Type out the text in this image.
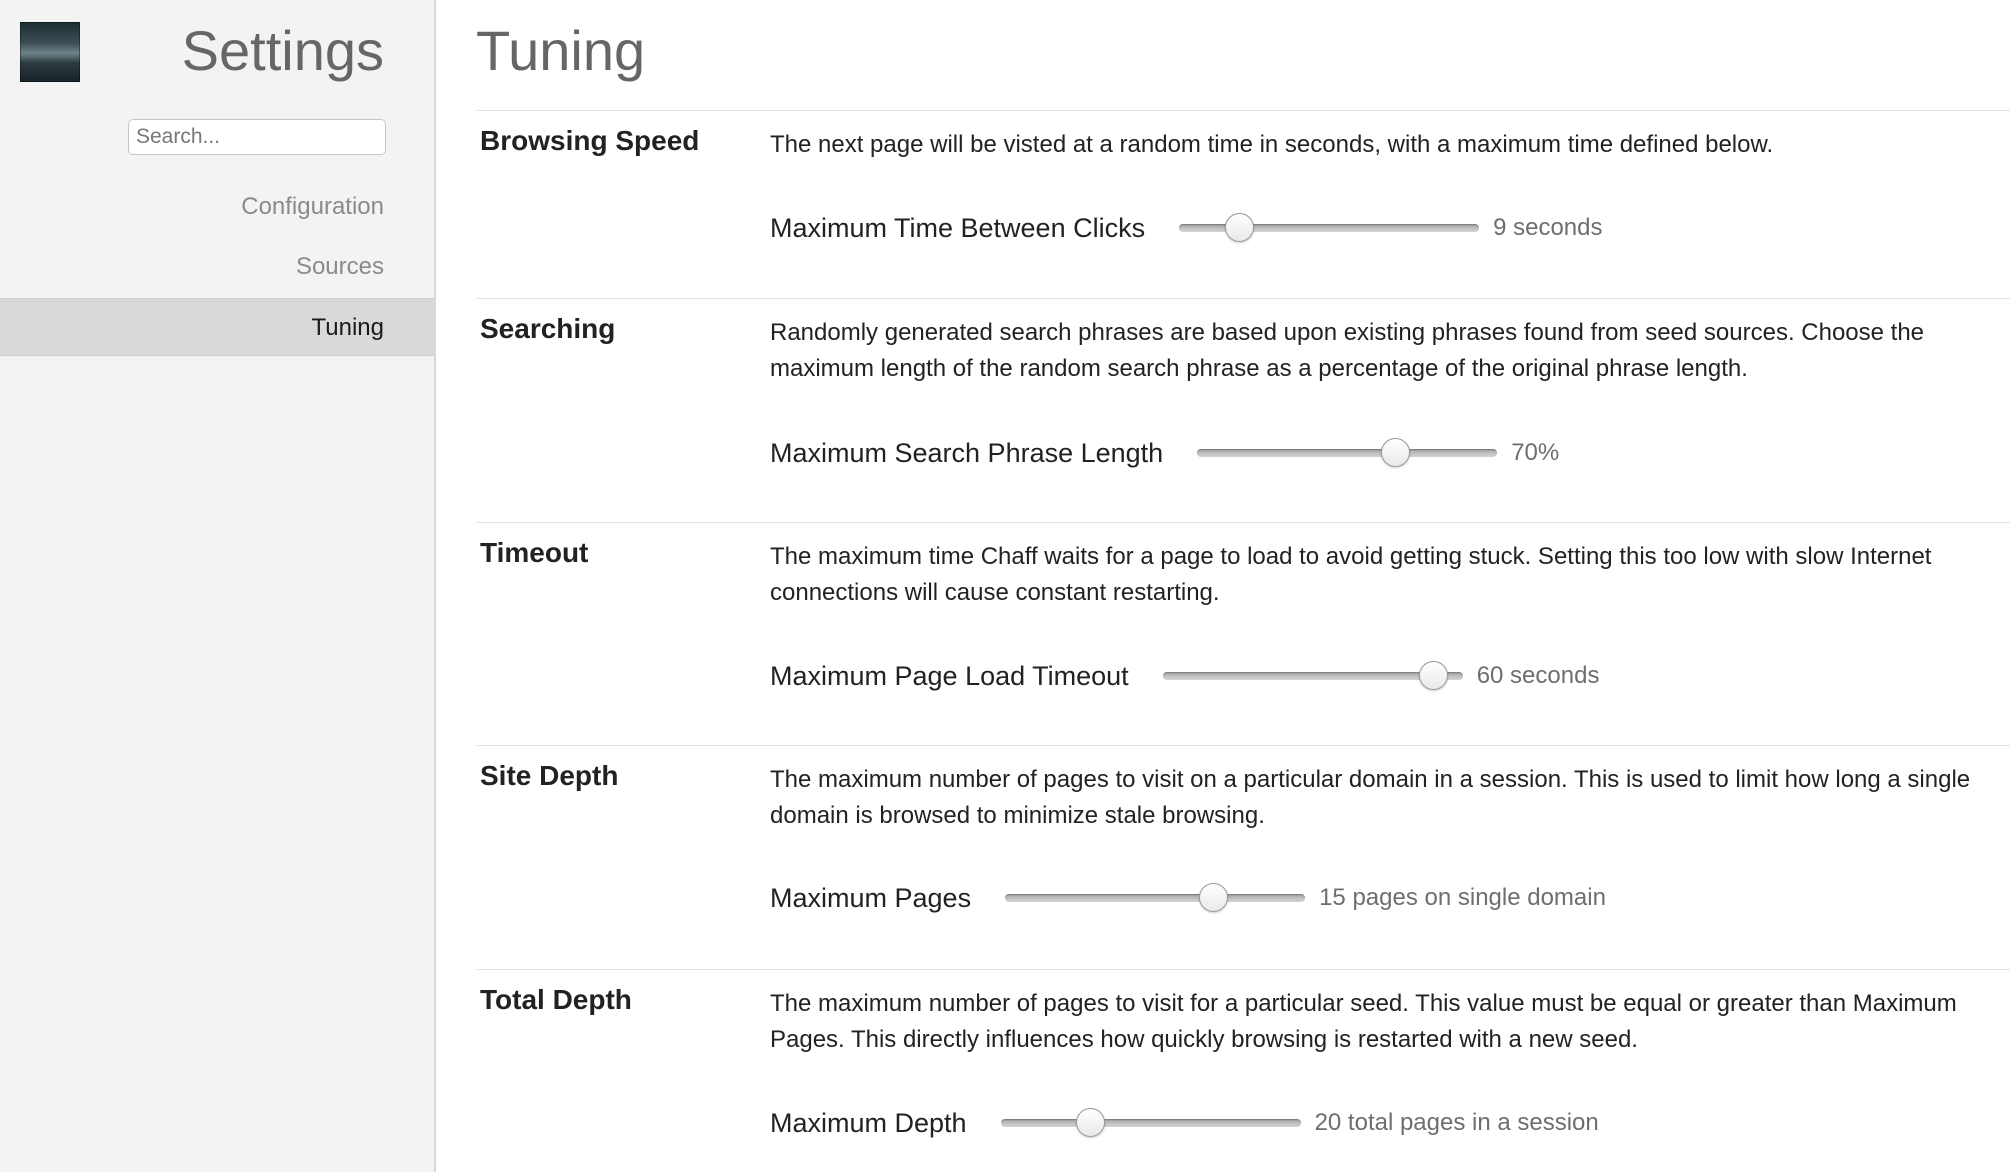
Settings
Search...
Configuration
Sources
Tuning
Tuning
Browsing Speed	The next page will be visted at a random time in seconds, with a maximum time defined below.
Maximum Time Between Clicks	9 seconds
Searching	Randomly generated search phrases are based upon existing phrases found from seed sources. Choose the maximum length of the random search phrase as a percentage of the original phrase length.
Maximum Search Phrase Length	70%
Timeout	The maximum time Chaff waits for a page to load to avoid getting stuck. Setting this too low with slow Internet connections will cause constant restarting.
Maximum Page Load Timeout	60 seconds
Site Depth	The maximum number of pages to visit on a particular domain in a session. This is used to limit how long a single domain is browsed to minimize stale browsing.
Maximum Pages	15 pages on single domain
Total Depth	The maximum number of pages to visit for a particular seed. This value must be equal or greater than Maximum Pages. This directly influences how quickly browsing is restarted with a new seed.
Maximum Depth	20 total pages in a session
